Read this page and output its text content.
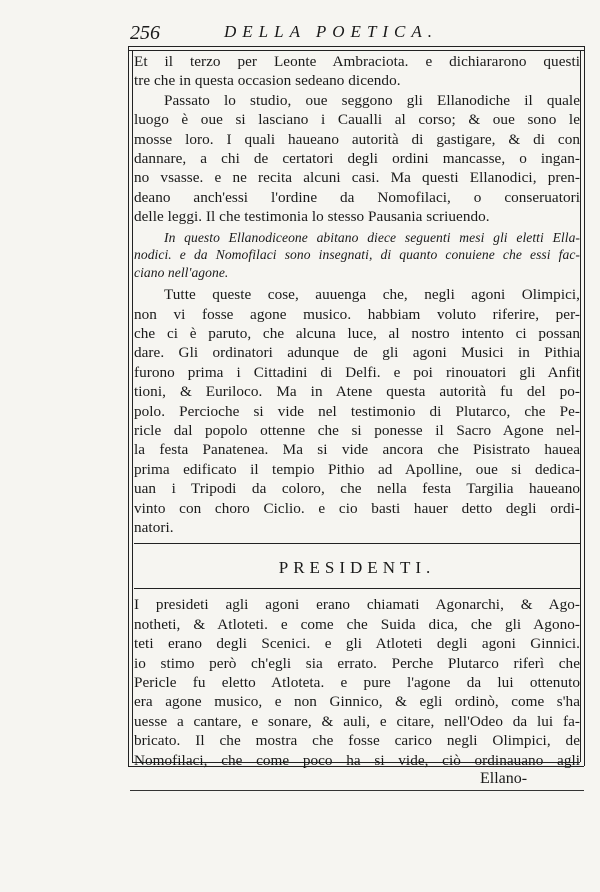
256	DELLA POETICA.
Et il terzo per Leonte Ambraciota. e dichiararono questi
tre che in questa occasion sedeano dicendo.
Passato lo studio, oue seggono gli Ellanodiche il quale
luogo è oue si lasciano i Caualli al corso; & oue sono le
mosse loro. I quali haueano autorità di gastigare, & di con
dannare, a chi de certatori degli ordini mancasse, o ingan-
no vsasse. e ne recita alcuni casi. Ma questi Ellanodici, pren-
deano anch'essi l'ordine da Nomofilaci, o conseruatori
delle leggi. Il che testimonia lo stesso Pausania scriuendo.
In questo Ellanodiceone abitano diece seguenti mesi gli eletti Ella-
nodici. e da Nomofilaci sono insegnati, di quanto conuiene che essi fac-
ciano nell'agone.
Tutte queste cose, auuenga che, negli agoni Olimpici,
non vi fosse agone musico. habbiam voluto riferire, per-
che ci è paruto, che alcuna luce, al nostro intento ci possan
dare. Gli ordinatori adunque de gli agoni Musici in Pithia
furono prima i Cittadini di Delfi. e poi rinouatori gli Anfit
tioni, & Euriloco. Ma in Atene questa autorità fu del po-
polo. Percioche si vide nel testimonio di Plutarco, che Pe-
ricle dal popolo ottenne che si ponesse il Sacro Agone nel-
la festa Panatenea. Ma si vide ancora che Pisistrato hauea
prima edificato il tempio Pithio ad Apolline, oue si dedica-
uan i Tripodi da coloro, che nella festa Targilia haueano
vinto con choro Ciclio. e cio basti hauer detto degli ordi-
natori.
PRESIDENTI.
I presideti agli agoni erano chiamati Agonarchi, & Ago-
notheti, & Atloteti. e come che Suida dica, che gli Agono-
teti erano degli Scenici. e gli Atloteti degli agoni Ginnici.
io stimo però ch'egli sia errato. Perche Plutarco riferì che
Pericle fu eletto Atloteta. e pure l'agone da lui ottenuto
era agone musico, e non Ginnico, & egli ordinò, come s'ha
uesse a cantare, e sonare, & auli, e citare, nell'Odeo da lui fa-
bricato. Il che mostra che fosse carico negli Olimpici, de
Nomofilaci, che come poco ha si vide, ciò ordinauano agli
Ellano-
